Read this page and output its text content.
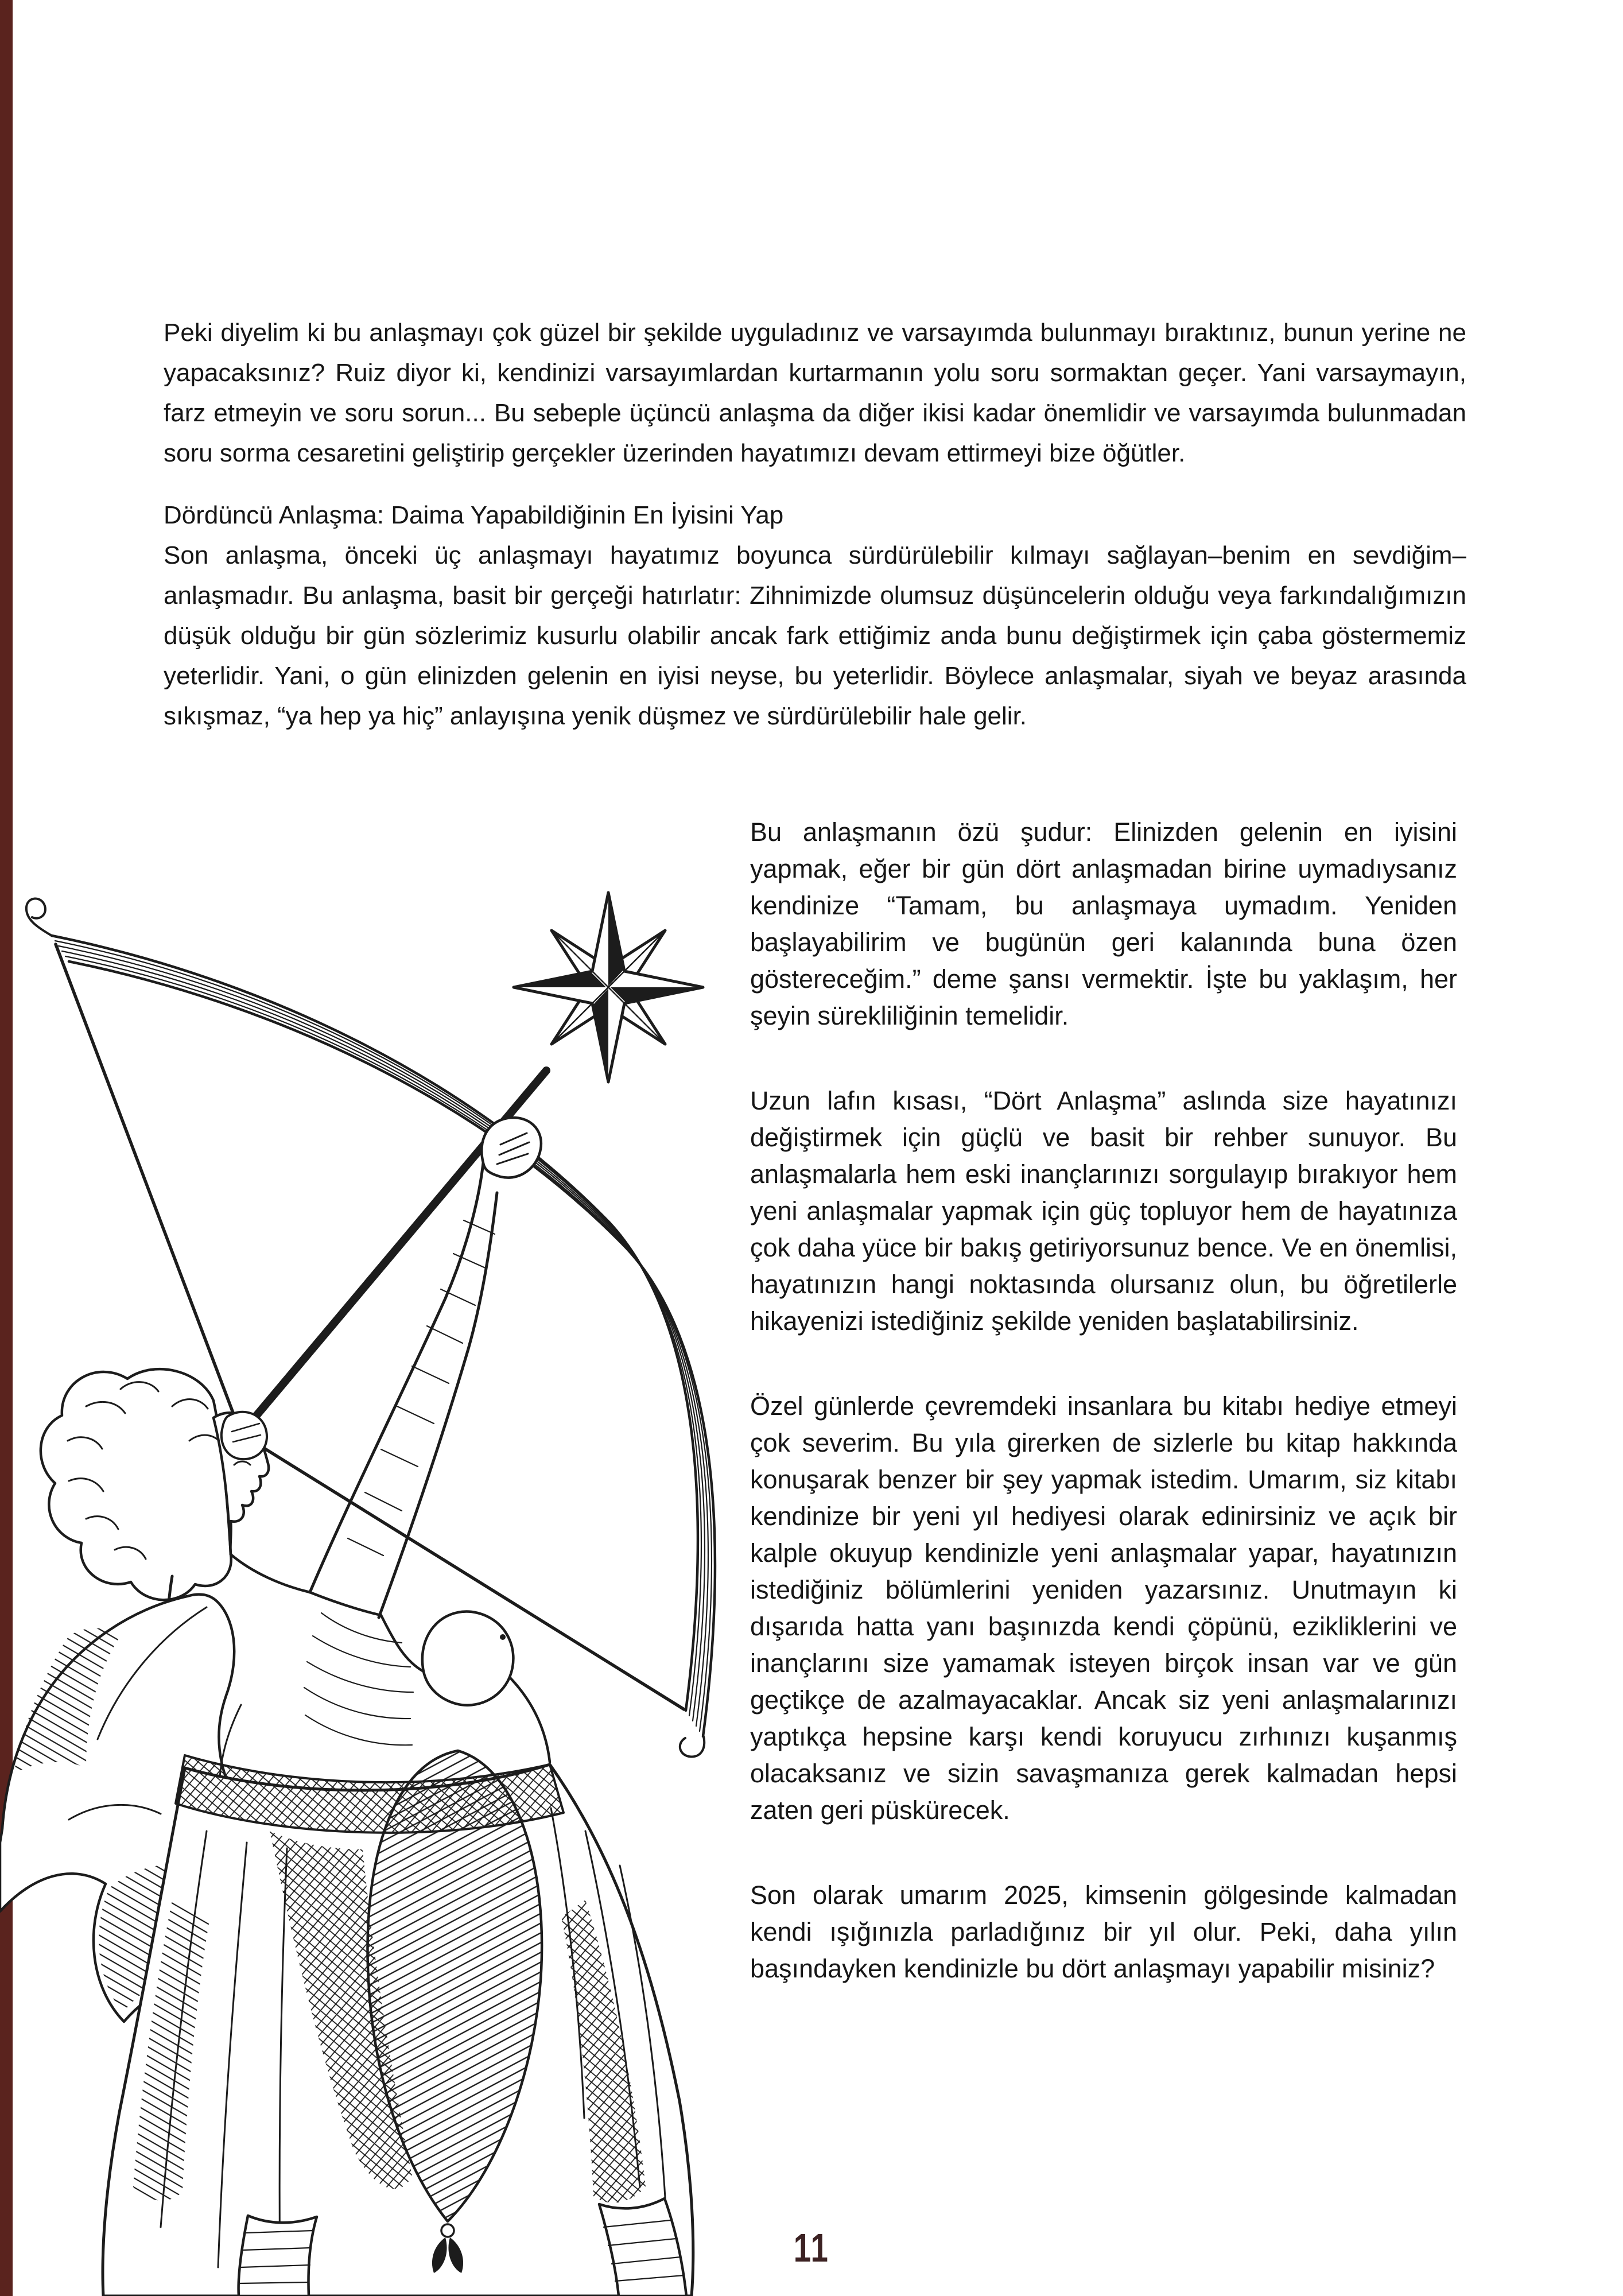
Peki diyelim ki bu anlaşmayı çok güzel bir şekilde uyguladınız ve varsayımda bulunmayı bıraktınız, bunun yerine ne yapacaksınız? Ruiz diyor ki, kendinizi varsayımlardan kurtarmanın yolu soru sormaktan geçer. Yani varsaymayın, farz etmeyin ve soru sorun... Bu sebeple üçüncü anlaşma da diğer ikisi kadar önemlidir ve varsayımda bulunmadan soru sorma cesaretini geliştirip gerçekler üzerinden hayatımızı devam ettirmeyi bize öğütler.

Dördüncü Anlaşma: Daima Yapabildiğinin En İyisini Yap

Son anlaşma, önceki üç anlaşmayı hayatımız boyunca sürdürülebilir kılmayı sağlayan–benim en sevdiğim– anlaşmadır. Bu anlaşma, basit bir gerçeği hatırlatır: Zihnimizde olumsuz düşüncelerin olduğu veya farkındalığımızın düşük olduğu bir gün sözlerimiz kusurlu olabilir ancak fark ettiğimiz anda bunu değiştirmek için çaba göstermemiz yeterlidir. Yani, o gün elinizden gelenin en iyisi neyse, bu yeterlidir. Böylece anlaşmalar, siyah ve beyaz arasında sıkışmaz, “ya hep ya hiç” anlayışına yenik düşmez ve sürdürülebilir hale gelir.

Bu anlaşmanın özü şudur: Elinizden gelenin en iyisini yapmak, eğer bir gün dört anlaşmadan birine uymadıysanız kendinize “Tamam, bu anlaşmaya uymadım. Yeniden başlayabilirim ve bugünün geri kalanında buna özen göstereceğim.” deme şansı vermektir. İşte bu yaklaşım, her şeyin sürekliliğinin temelidir.

Uzun lafın kısası, “Dört Anlaşma” aslında size hayatınızı değiştirmek için güçlü ve basit bir rehber sunuyor. Bu anlaşmalarla hem eski inançlarınızı sorgulayıp bırakıyor hem yeni anlaşmalar yapmak için güç topluyor hem de hayatınıza çok daha yüce bir bakış getiriyorsunuz bence. Ve en önemlisi, hayatınızın hangi noktasında olursanız olun, bu öğretilerle hikayenizi istediğiniz şekilde yeniden başlatabilirsiniz.

Özel günlerde çevremdeki insanlara bu kitabı hediye etmeyi çok severim. Bu yıla girerken de sizlerle bu kitap hakkında konuşarak benzer bir şey yapmak istedim. Umarım, siz kitabı kendinize bir yeni yıl hediyesi olarak edinirsiniz ve açık bir kalple okuyup kendinizle yeni anlaşmalar yapar, hayatınızın istediğiniz bölümlerini yeniden yazarsınız. Unutmayın ki dışarıda hatta yanı başınızda kendi çöpünü, ezikliklerini ve inançlarını size yamamak isteyen birçok insan var ve gün geçtikçe de azalmayacaklar. Ancak siz yeni anlaşmalarınızı yaptıkça hepsine karşı kendi koruyucu zırhınızı kuşanmış olacaksanız ve sizin savaşmanıza gerek kalmadan hepsi zaten geri püskürecek.

Son olarak umarım 2025, kimsenin gölgesinde kalmadan kendi ışığınızla parladığınız bir yıl olur. Peki, daha yılın başındayken kendinizle bu dört anlaşmayı yapabilir misiniz?

11
